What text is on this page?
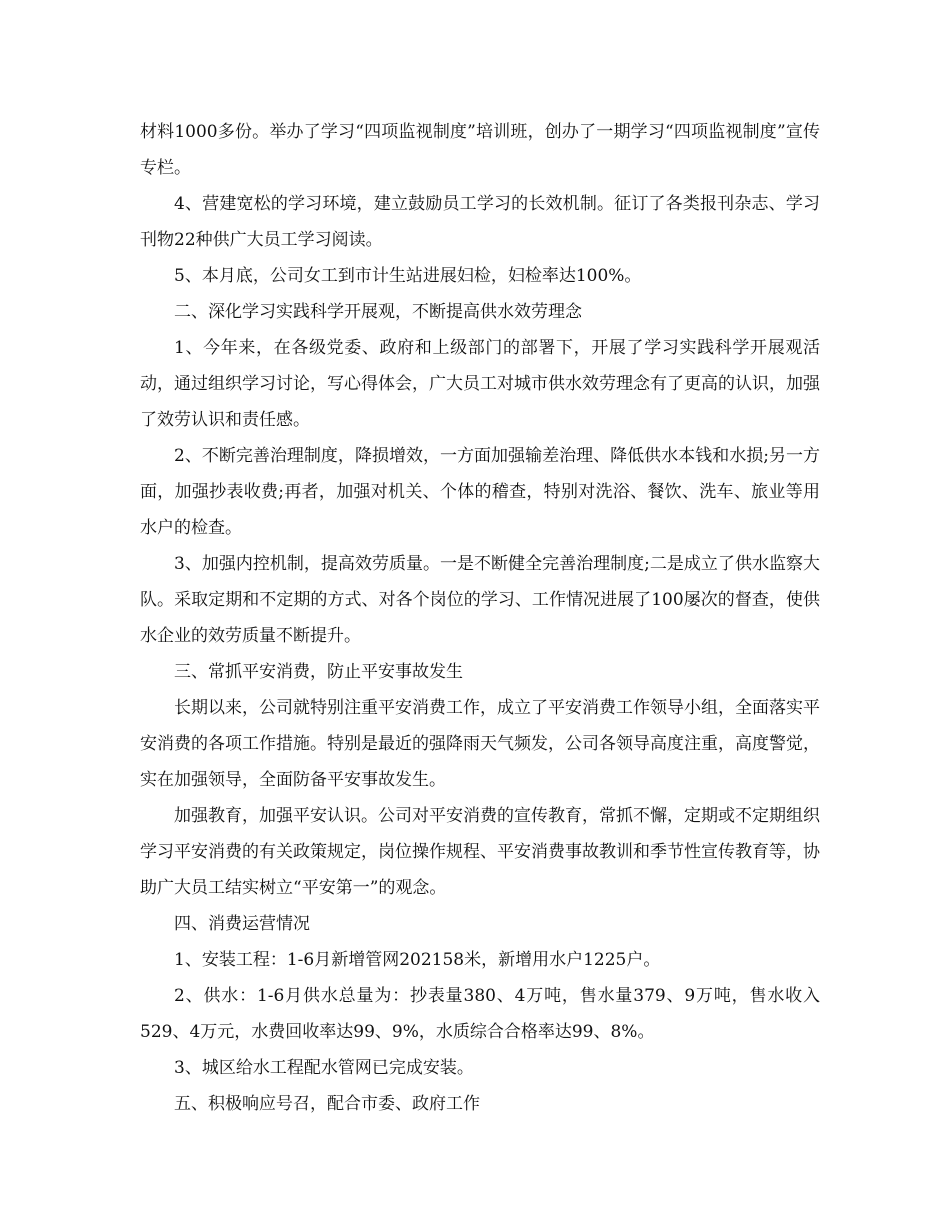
材料1000多份。举办了学习“四项监视制度”培训班，创办了一期学习“四项监视制度”宣传专栏。

4、营建宽松的学习环境，建立鼓励员工学习的长效机制。征订了各类报刊杂志、学习刊物22种供广大员工学习阅读。

5、本月底，公司女工到市计生站进展妇检，妇检率达100%。

二、深化学习实践科学开展观，不断提高供水效劳理念

1、今年来，在各级党委、政府和上级部门的部署下，开展了学习实践科学开展观活动，通过组织学习讨论，写心得体会，广大员工对城市供水效劳理念有了更高的认识，加强了效劳认识和责任感。

2、不断完善治理制度，降损增效，一方面加强输差治理、降低供水本钱和水损;另一方面，加强抄表收费;再者，加强对机关、个体的稽查，特别对洗浴、餐饮、洗车、旅业等用水户的检查。

3、加强内控机制，提高效劳质量。一是不断健全完善治理制度;二是成立了供水监察大队。采取定期和不定期的方式、对各个岗位的学习、工作情况进展了100屡次的督查，使供水企业的效劳质量不断提升。

三、常抓平安消费，防止平安事故发生

长期以来，公司就特别注重平安消费工作，成立了平安消费工作领导小组，全面落实平安消费的各项工作措施。特别是最近的强降雨天气频发，公司各领导高度注重，高度警觉，实在加强领导，全面防备平安事故发生。

加强教育，加强平安认识。公司对平安消费的宣传教育，常抓不懈，定期或不定期组织学习平安消费的有关政策规定，岗位操作规程、平安消费事故教训和季节性宣传教育等，协助广大员工结实树立“平安第一”的观念。

四、消费运营情况

1、安装工程：1-6月新增管网202158米，新增用水户1225户。

2、供水：1-6月供水总量为：抄表量380、4万吨，售水量379、9万吨，售水收入529、4万元，水费回收率达99、9%，水质综合合格率达99、8%。

3、城区给水工程配水管网已完成安装。

五、积极响应号召，配合市委、政府工作
